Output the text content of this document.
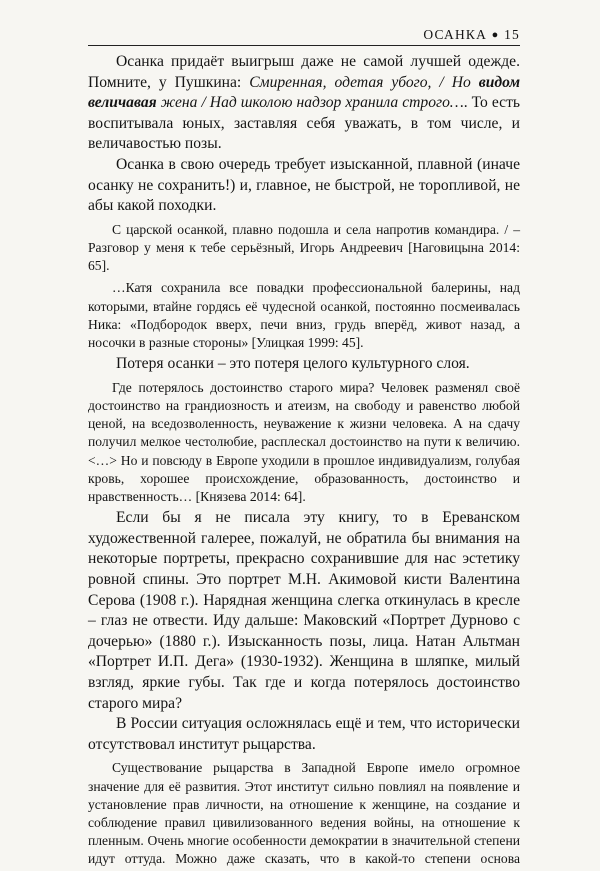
ОСАНКА ● 15

Осанка придаёт выигрыш даже не самой лучшей одежде. Помните, у Пушкина: Смиренная, одетая убого, / Но видом величавая жена / Над школою надзор хранила строго…. То есть воспитывала юных, заставляя себя уважать, в том числе, и величавостью позы.

Осанка в свою очередь требует изысканной, плавной (иначе осанку не сохранить!) и, главное, не быстрой, не торопливой, не абы какой походки.

С царской осанкой, плавно подошла и села напротив командира. / – Разговор у меня к тебе серьёзный, Игорь Андреевич [Наговицына 2014: 65].

…Катя сохранила все повадки профессиональной балерины, над которыми, втайне гордясь её чудесной осанкой, постоянно посмеивалась Ника: «Подбородок вверх, печи вниз, грудь вперёд, живот назад, а носочки в разные стороны» [Улицкая 1999: 45].

Потеря осанки – это потеря целого культурного слоя.

Где потерялось достоинство старого мира? Человек разменял своё достоинство на грандиозность и атеизм, на свободу и равенство любой ценой, на вседозволенность, неуважение к жизни человека. А на сдачу получил мелкое честолюбие, расплескал достоинство на пути к величию. <…> Но и повсюду в Европе уходили в прошлое индивидуализм, голубая кровь, хорошее происхождение, образованность, достоинство и нравственность… [Князева 2014: 64].

Если бы я не писала эту книгу, то в Ереванском художественной галерее, пожалуй, не обратила бы внимания на некоторые портреты, прекрасно сохранившие для нас эстетику ровной спины. Это портрет М.Н. Акимовой кисти Валентина Серова (1908 г.). Нарядная женщина слегка откинулась в кресле – глаз не отвести. Иду дальше: Маковский «Портрет Дурново с дочерью» (1880 г.). Изысканность позы, лица. Натан Альтман «Портрет И.П. Дега» (1930-1932). Женщина в шляпке, милый взгляд, яркие губы. Так где и когда потерялось достоинство старого мира?

В России ситуация осложнялась ещё и тем, что исторически отсутствовал институт рыцарства.

Существование рыцарства в Западной Европе имело огромное значение для её развития. Этот институт сильно повлиял на появление и установление прав личности, на отношение к женщине, на создание и соблюдение правил цивилизованного ведения войны, на отношение к пленным. Очень многие особенности демократии в значительной степени идут оттуда. Можно даже сказать, что в какой-то степени основа
